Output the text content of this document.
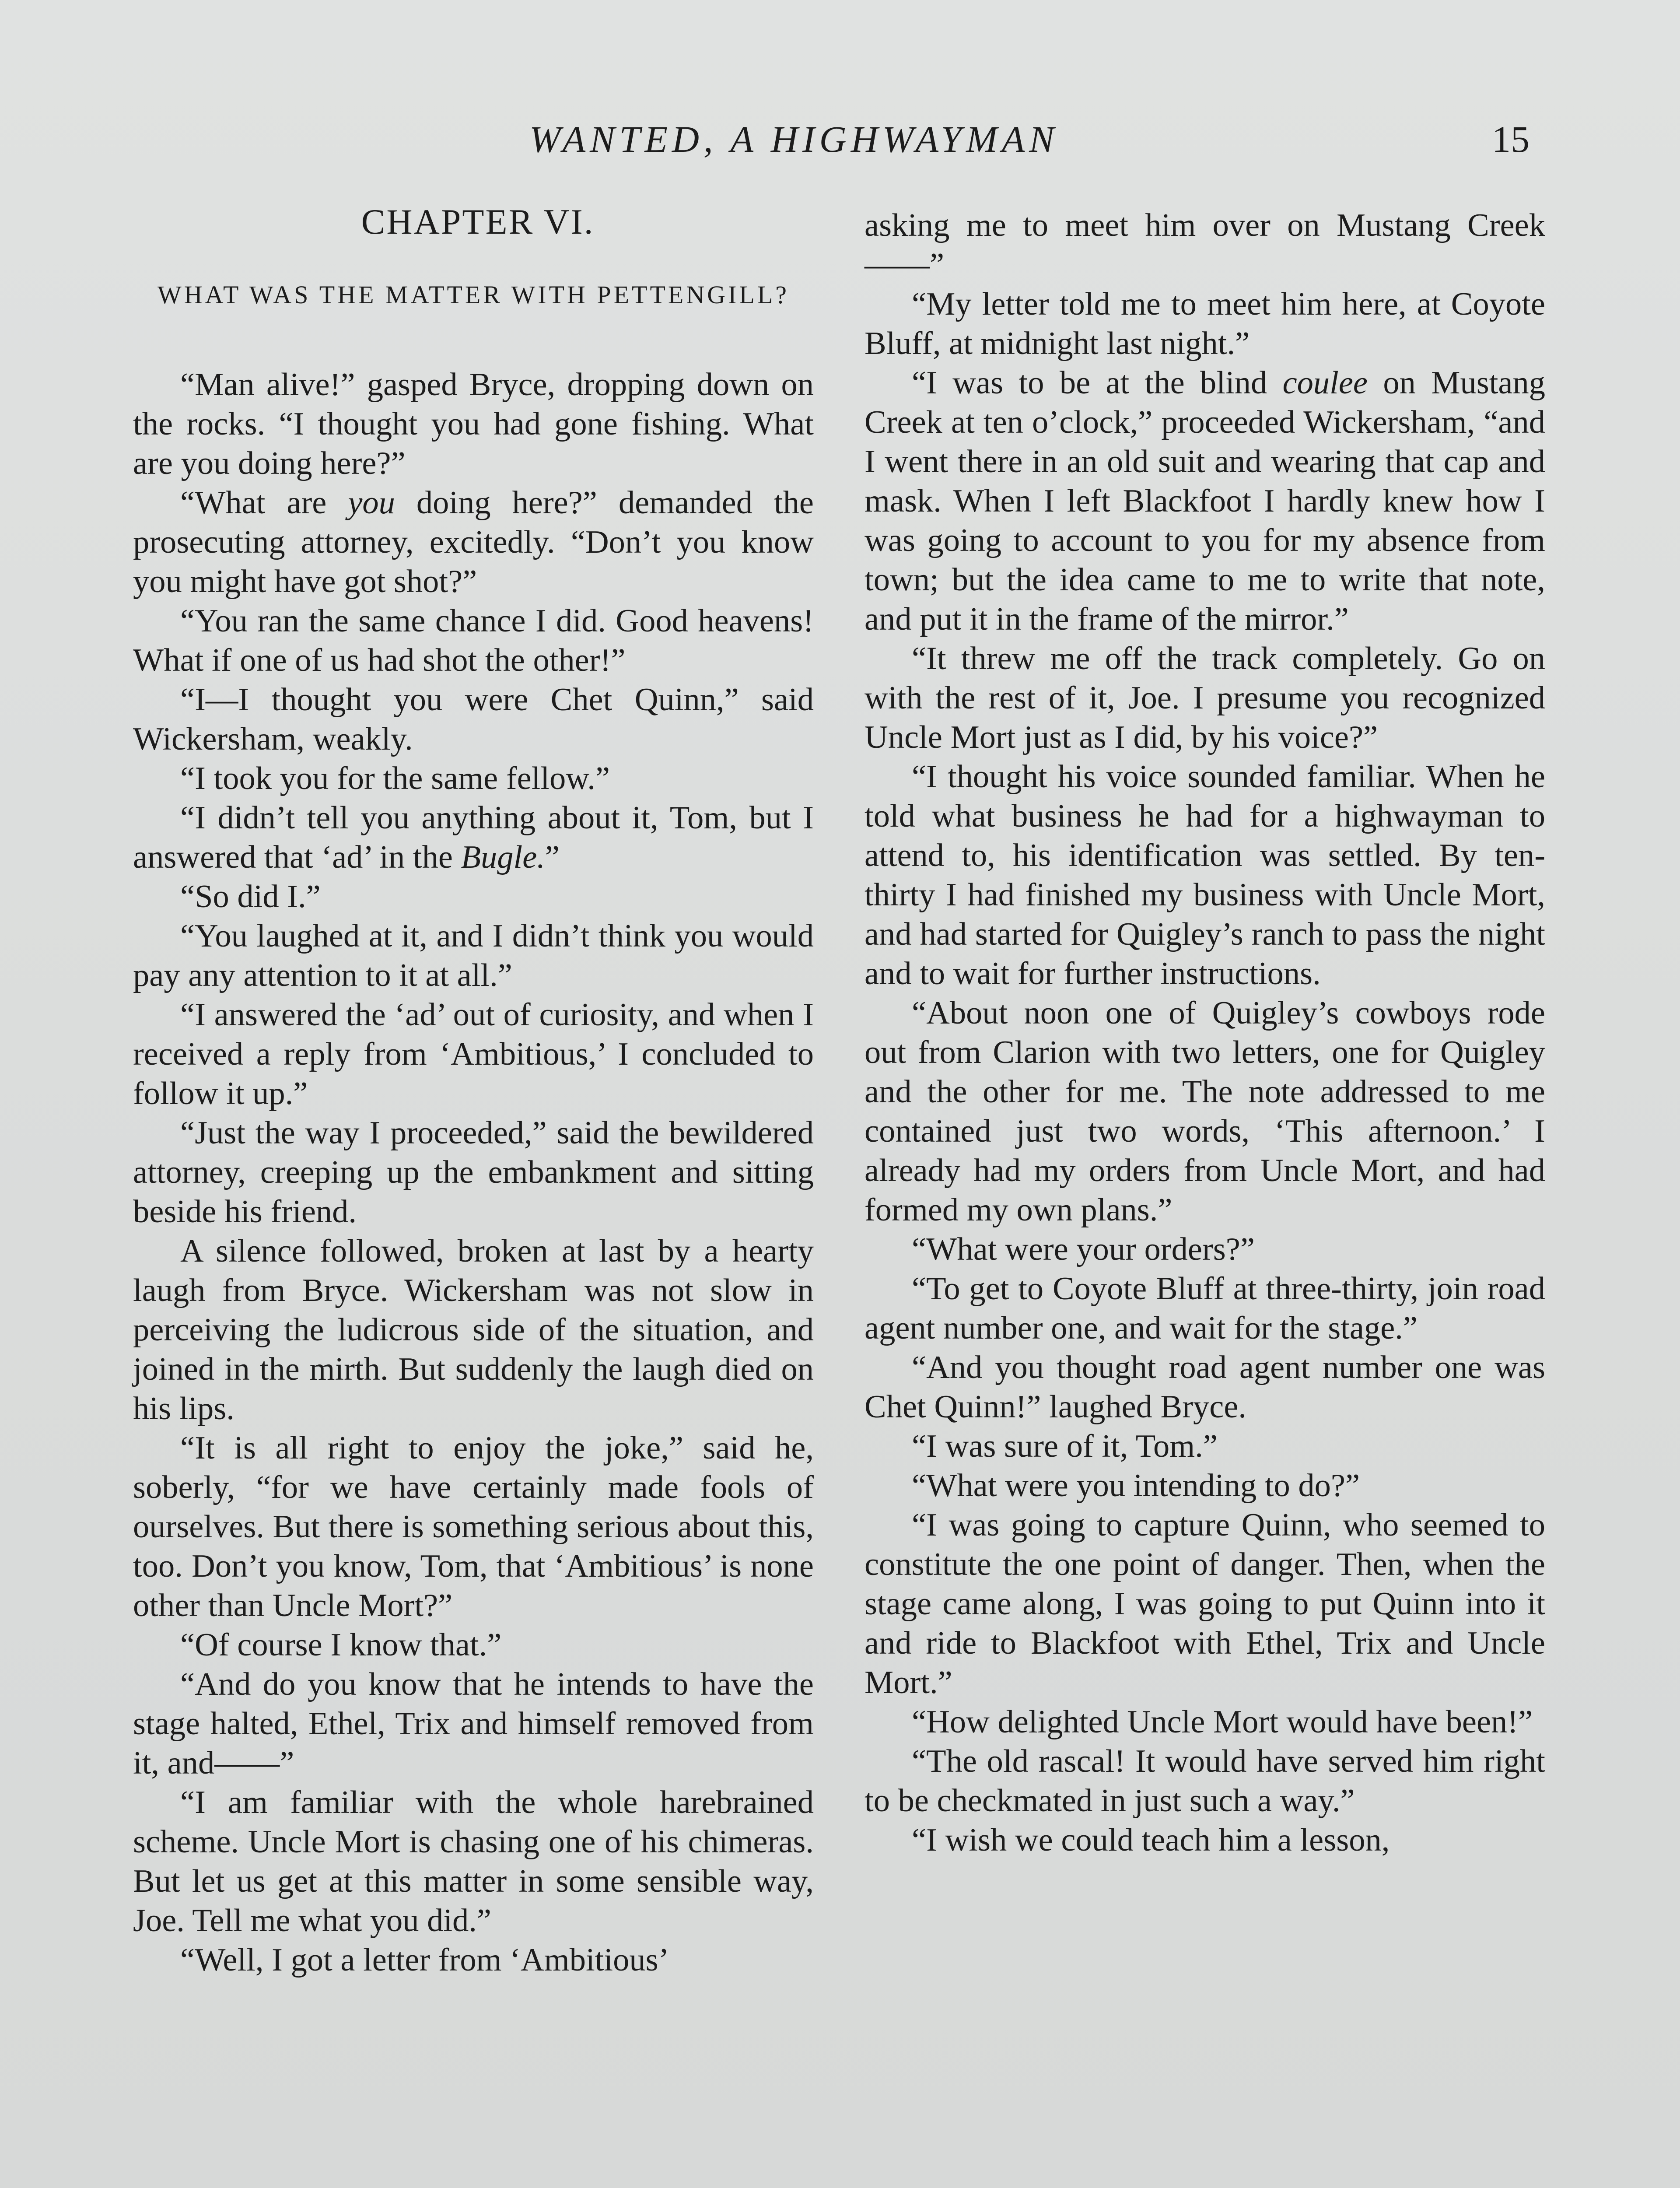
WANTED, A HIGHWAYMAN	15
CHAPTER VI.
WHAT WAS THE MATTER WITH PETTENGILL?

“Man alive!” gasped Bryce, dropping down on the rocks. “I thought you had gone fishing. What are you doing here?”

“What are you doing here?” demanded the prosecuting attorney, excitedly. “Don’t you know you might have got shot?”

“You ran the same chance I did. Good heavens! What if one of us had shot the other!”

“I—I thought you were Chet Quinn,” said Wickersham, weakly.

“I took you for the same fellow.”

“I didn’t tell you anything about it, Tom, but I answered that ‘ad’ in the Bugle.”

“So did I.”

“You laughed at it, and I didn’t think you would pay any attention to it at all.”

“I answered the ‘ad’ out of curiosity, and when I received a reply from ‘Ambitious,’ I concluded to follow it up.”

“Just the way I proceeded,” said the bewildered attorney, creeping up the embankment and sitting beside his friend.

A silence followed, broken at last by a hearty laugh from Bryce. Wickersham was not slow in perceiving the ludicrous side of the situation, and joined in the mirth. But suddenly the laugh died on his lips.

“It is all right to enjoy the joke,” said he, soberly, “for we have certainly made fools of ourselves. But there is something serious about this, too. Don’t you know, Tom, that ‘Ambitious’ is none other than Uncle Mort?”

“Of course I know that.”

“And do you know that he intends to have the stage halted, Ethel, Trix and himself removed from it, and——”

“I am familiar with the whole harebrained scheme. Uncle Mort is chasing one of his chimeras. But let us get at this matter in some sensible way, Joe. Tell me what you did.”

“Well, I got a letter from ‘Ambitious’

asking me to meet him over on Mustang Creek——”

“My letter told me to meet him here, at Coyote Bluff, at midnight last night.”

“I was to be at the blind coulee on Mustang Creek at ten o’clock,” proceeded Wickersham, “and I went there in an old suit and wearing that cap and mask. When I left Blackfoot I hardly knew how I was going to account to you for my absence from town; but the idea came to me to write that note, and put it in the frame of the mirror.”

“It threw me off the track completely. Go on with the rest of it, Joe. I presume you recognized Uncle Mort just as I did, by his voice?”

“I thought his voice sounded familiar. When he told what business he had for a highwayman to attend to, his identification was settled. By ten-thirty I had finished my business with Uncle Mort, and had started for Quigley’s ranch to pass the night and to wait for further instructions.

“About noon one of Quigley’s cowboys rode out from Clarion with two letters, one for Quigley and the other for me. The note addressed to me contained just two words, ‘This afternoon.’ I already had my orders from Uncle Mort, and had formed my own plans.”

“What were your orders?”

“To get to Coyote Bluff at three-thirty, join road agent number one, and wait for the stage.”

“And you thought road agent number one was Chet Quinn!” laughed Bryce.

“I was sure of it, Tom.”

“What were you intending to do?”

“I was going to capture Quinn, who seemed to constitute the one point of danger. Then, when the stage came along, I was going to put Quinn into it and ride to Blackfoot with Ethel, Trix and Uncle Mort.”

“How delighted Uncle Mort would have been!”

“The old rascal! It would have served him right to be checkmated in just such a way.”

“I wish we could teach him a lesson,
